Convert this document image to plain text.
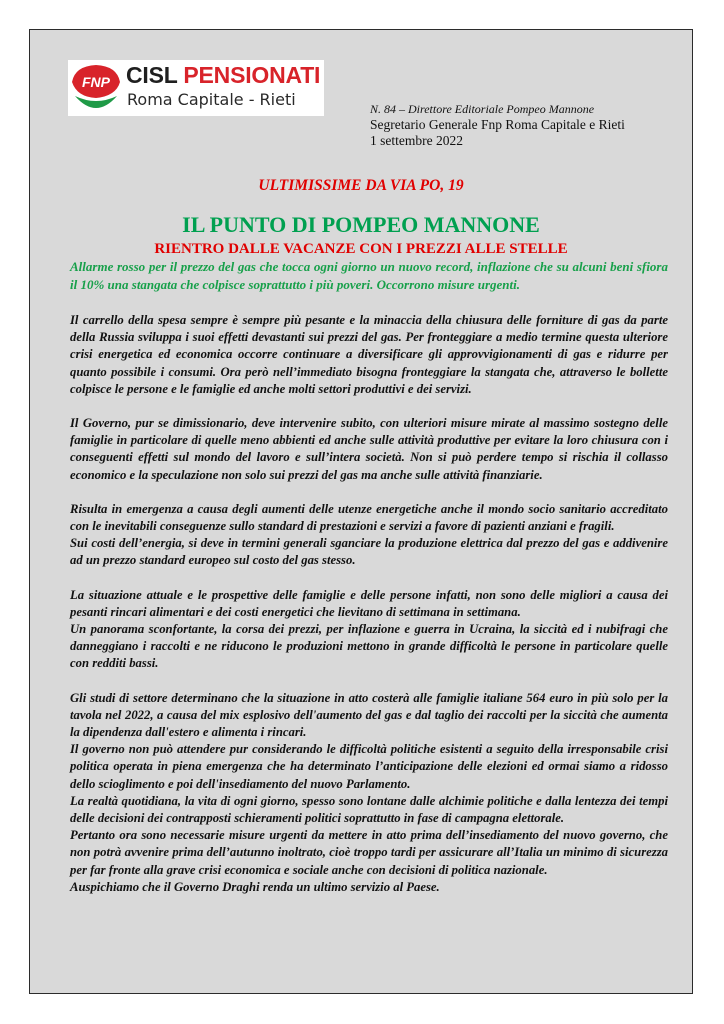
FNP CISL PENSIONATI
Roma Capitale - Rieti	N. 84 – Direttore Editoriale Pompeo Mannone
Segretario Generale Fnp Roma Capitale e Rieti
1 settembre 2022
ULTIMISSIME DA VIA PO, 19
IL PUNTO DI POMPEO MANNONE
RIENTRO DALLE VACANZE CON I PREZZI ALLE STELLE
Allarme rosso per il prezzo del gas che tocca ogni giorno un nuovo record, inflazione che su alcuni beni sfiora il 10% una stangata che colpisce soprattutto i più poveri. Occorrono misure urgenti.

Il carrello della spesa sempre è sempre più pesante e la minaccia della chiusura delle forniture di gas da parte della Russia sviluppa i suoi effetti devastanti sui prezzi del gas. Per fronteggiare a medio termine questa ulteriore crisi energetica ed economica occorre continuare a diversificare gli approvvigionamenti di gas e ridurre per quanto possibile i consumi. Ora però nell’immediato bisogna fronteggiare la stangata che, attraverso le bollette colpisce le persone e le famiglie ed anche molti settori produttivi e dei servizi.

Il Governo, pur se dimissionario, deve intervenire subito, con ulteriori misure mirate al massimo sostegno delle famiglie in particolare di quelle meno abbienti ed anche sulle attività produttive per evitare la loro chiusura con i conseguenti effetti sul mondo del lavoro e sull’intera società. Non si può perdere tempo si rischia il collasso economico e la speculazione non solo sui prezzi del gas ma anche sulle attività finanziarie.

Risulta in emergenza a causa degli aumenti delle utenze energetiche anche il mondo socio sanitario accreditato con le inevitabili conseguenze sullo standard di prestazioni e servizi a favore di pazienti anziani e fragili.

Sui costi dell’energia, si deve in termini generali sganciare la produzione elettrica dal prezzo del gas e addivenire ad un prezzo standard europeo sul costo del gas stesso.

La situazione attuale e le prospettive delle famiglie e delle persone infatti, non sono delle migliori a causa dei pesanti rincari alimentari e dei costi energetici che lievitano di settimana in settimana.

Un panorama sconfortante, la corsa dei prezzi, per inflazione e guerra in Ucraina, la siccità ed i nubifragi che danneggiano i raccolti e ne riducono le produzioni mettono in grande difficoltà le persone in particolare quelle con redditi bassi.

Gli studi di settore determinano che la situazione in atto costerà alle famiglie italiane 564 euro in più solo per la tavola nel 2022, a causa del mix esplosivo dell'aumento del gas e dal taglio dei raccolti per la siccità che aumenta la dipendenza dall'estero e alimenta i rincari.

Il governo non può attendere pur considerando le difficoltà politiche esistenti a seguito della irresponsabile crisi politica operata in piena emergenza che ha determinato l’anticipazione delle elezioni ed ormai siamo a ridosso dello scioglimento e poi dell'insediamento del nuovo Parlamento.

La realtà quotidiana, la vita di ogni giorno, spesso sono lontane dalle alchimie politiche e dalla lentezza dei tempi delle decisioni dei contrapposti schieramenti politici soprattutto in fase di campagna elettorale.

Pertanto ora sono necessarie misure urgenti da mettere in atto prima dell’insediamento del nuovo governo, che non potrà avvenire prima dell’autunno inoltrato, cioè troppo tardi per assicurare all’Italia un minimo di sicurezza per far fronte alla grave crisi economica e sociale anche con decisioni di politica nazionale.

Auspichiamo che il Governo Draghi renda un ultimo servizio al Paese.
